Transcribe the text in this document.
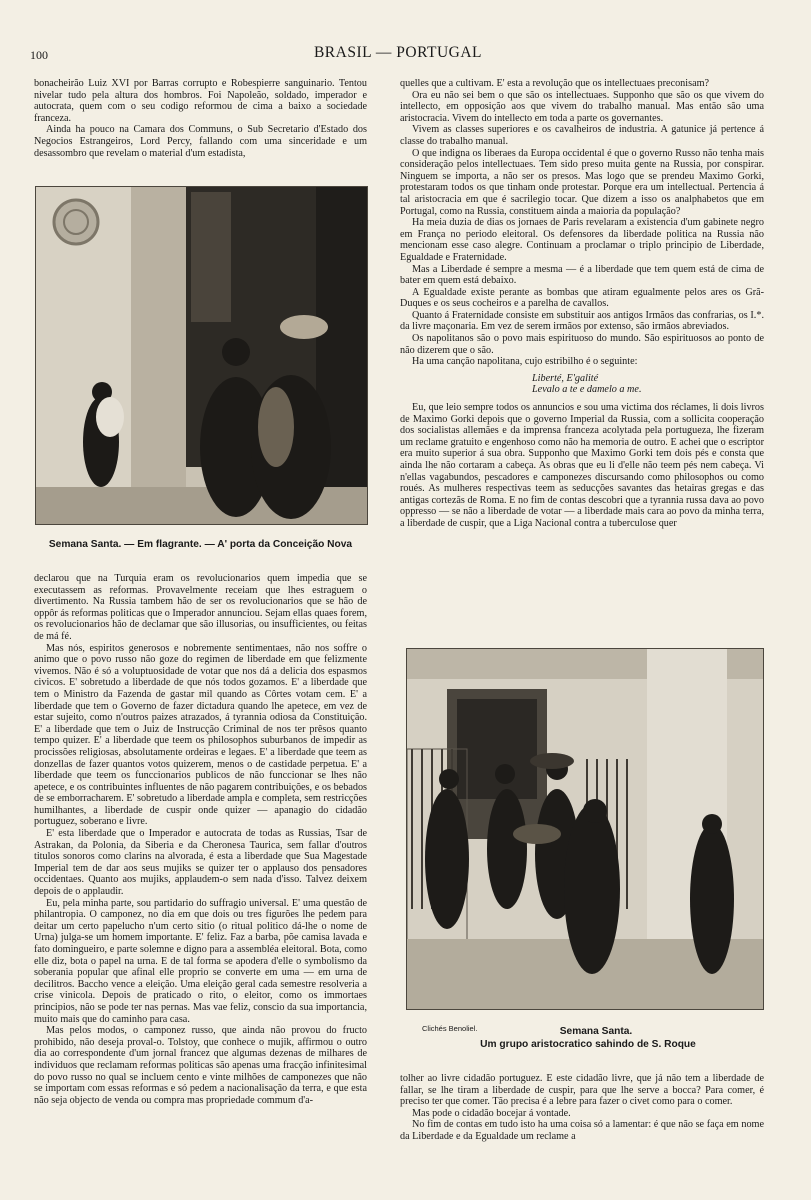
100	BRASIL — PORTUGAL

bonacheirão Luiz XVI por Barras corrupto e Robespierre sanguinario. Tentou nivelar tudo pela altura dos hombros. Foi Napoleão, soldado, imperador e autocrata, quem com o seu codigo reformou de cima a baixo a sociedade franceza.

Ainda ha pouco na Camara dos Communs, o Sub Secretario d'Estado dos Negocios Estrangeiros, Lord Percy, fallando com uma sinceridade e um desassombro que revelam o material d'um estadista,

Semana Santa. — Em flagrante. — A' porta da Conceição Nova

declarou que na Turquia eram os revolucionarios quem impedia que se executassem as reformas. Provavelmente receiam que lhes estraguem o divertimento. Na Russia tambem hão de ser os revolucionarios que se hão de oppôr ás reformas politicas que o Imperador annunciou. Sejam ellas quaes forem, os revolucionarios hão de declamar que são illusorias, ou insufficientes, ou feitas de má fé.

Mas nós, espiritos generosos e nobremente sentimentaes, não nos soffre o animo que o povo russo não goze do regimen de liberdade em que felizmente vivemos. Não é só a voluptuosidade de votar que nos dá a delicia dos espasmos civicos. E' sobretudo a liberdade de que nós todos gozamos. E' a liberdade que tem o Ministro da Fazenda de gastar mil quando as Côrtes votam cem. E' a liberdade que tem o Governo de fazer dictadura quando lhe apetece, em vez de estar sujeito, como n'outros paizes atrazados, á tyrannia odiosa da Constituição. E' a liberdade que tem o Juiz de Instrucção Criminal de nos ter prêsos quanto tempo quizer. E' a liberdade que teem os philosophos suburbanos de impedir as procissões religiosas, absolutamente ordeiras e legaes. E' a liberdade que teem as donzellas de fazer quantos votos quizerem, menos o de castidade perpetua. E' a liberdade que teem os funccionarios publicos de não funccionar se lhes não apetece, e os contribuintes influentes de não pagarem contribuições, e os bebados de se emborracharem. E' sobretudo a liberdade ampla e completa, sem restricções humilhantes, a liberdade de cuspir onde quizer — apanagio do cidadão portuguez, soberano e livre.

E' esta liberdade que o Imperador e autocrata de todas as Russias, Tsar de Astrakan, da Polonia, da Siberia e da Cheronesa Taurica, sem fallar d'outros titulos sonoros como clarins na alvorada, é esta a liberdade que Sua Magestade Imperial tem de dar aos seus mujiks se quizer ter o applauso dos pensadores occidentaes. Quanto aos mujiks, applaudem-o sem nada d'isso. Talvez deixem depois de o applaudir.

Eu, pela minha parte, sou partidario do suffragio universal. E' uma questão de philantropia. O camponez, no dia em que dois ou tres figurões lhe pedem para deitar um certo papelucho n'um certo sitio (o ritual politico dá-lhe o nome de Urna) julga-se um homem importante. E' feliz. Faz a barba, põe camisa lavada e fato domingueiro, e parte solemne e digno para a assembléa eleitoral. Bota, como elle diz, bota o papel na urna. E de tal forma se apodera d'elle o symbolismo da soberania popular que afinal elle proprio se converte em uma — em urna de decilitros. Baccho vence a eleição. Uma eleição geral cada semestre resolveria a crise vinicola. Depois de praticado o rito, o eleitor, como os immortaes principios, não se pode ter nas pernas. Mas vae feliz, conscio da sua importancia, muito mais que do caminho para casa.

Mas pelos modos, o camponez russo, que ainda não provou do fructo prohibido, não deseja proval-o. Tolstoy, que conhece o mujik, affirmou o outro dia ao correspondente d'um jornal francez que algumas dezenas de milhares de individuos que reclamam reformas politicas são apenas uma fracção infinitesimal do povo russo no qual se incluem cento e vinte milhões de camponezes que não se importam com essas reformas e só pedem a nacionalisação da terra, e que esta não seja objecto de venda ou compra mas propriedade commum d'a-

quelles que a cultivam. E' esta a revolução que os intellectuaes preconisam?

Ora eu não sei bem o que são os intellectuaes. Supponho que são os que vivem do intellecto, em opposição aos que vivem do trabalho manual. Mas então são uma aristocracia. Vivem do intellecto em toda a parte os governantes.

Vivem as classes superiores e os cavalheiros de industria. A gatunice já pertence á classe do trabalho manual.

O que indigna os liberaes da Europa occidental é que o governo Russo não tenha mais consideração pelos intellectuaes. Tem sido preso muita gente na Russia, por conspirar. Ninguem se importa, a não ser os presos. Mas logo que se prendeu Maximo Gorki, protestaram todos os que tinham onde protestar. Porque era um intellectual. Pertencia á tal aristocracia em que é sacrilegio tocar. Que dizem a isso os analphabetos que em Portugal, como na Russia, constituem ainda a maioria da população?

Ha meia duzia de dias os jornaes de Paris revelaram a existencia d'um gabinete negro em França no periodo eleitoral. Os defensores da liberdade politica na Russia não mencionam esse caso alegre. Continuam a proclamar o triplo principio de Liberdade, Egualdade e Fraternidade.

Mas a Liberdade é sempre a mesma — é a liberdade que tem quem está de cima de bater em quem está debaixo.

A Egualdade existe perante as bombas que atiram egualmente pelos ares os Grã-Duques e os seus cocheiros e a parelha de cavallos.

Quanto á Fraternidade consiste em substituir aos antigos Irmãos das confrarias, os I.*. da livre maçonaria. Em vez de serem irmãos por extenso, são irmãos abreviados.

Os napolitanos são o povo mais espirituoso do mundo. São espirituosos ao ponto de não dizerem que o são.

Ha uma canção napolitana, cujo estribilho é o seguinte:

Liberté, E'galité

Levalo a te e damelo a me.

Eu, que leio sempre todos os annuncios e sou uma victima dos réclames, li dois livros de Maximo Gorki depois que o governo Imperial da Russia, com a sollicita cooperação dos socialistas allemães e da imprensa franceza acolytada pela portugueza, lhe fizeram um reclame gratuito e engenhoso como não ha memoria de outro. E achei que o escriptor era muito superior á sua obra. Supponho que Maximo Gorki tem dois pés e consta que ainda lhe não cortaram a cabeça. As obras que eu li d'elle não teem pés nem cabeça. Vi n'ellas vagabundos, pescadores e camponezes discursando como philosophos ou como roués. As mulheres respectivas teem as seducções savantes das hetairas gregas e das antigas cortezãs de Roma. E no fim de contas descobri que a tyrannia russa dava ao povo oppresso — se não a liberdade de votar — a liberdade mais cara ao povo da minha terra, a liberdade de cuspir, que a Liga Nacional contra a tuberculose quer

Clichés Benoliel.	Semana Santa.
Um grupo aristocratico sahindo de S. Roque

tolher ao livre cidadão portuguez. E este cidadão livre, que já não tem a liberdade de fallar, se lhe tiram a liberdade de cuspir, para que lhe serve a bocca? Para comer, é preciso ter que comer. Tão precisa é a lebre para fazer o civet como para o comer.

Mas pode o cidadão bocejar á vontade.

No fim de contas em tudo isto ha uma coisa só a lamentar: é que não se faça em nome da Liberdade e da Egualdade um reclame a
